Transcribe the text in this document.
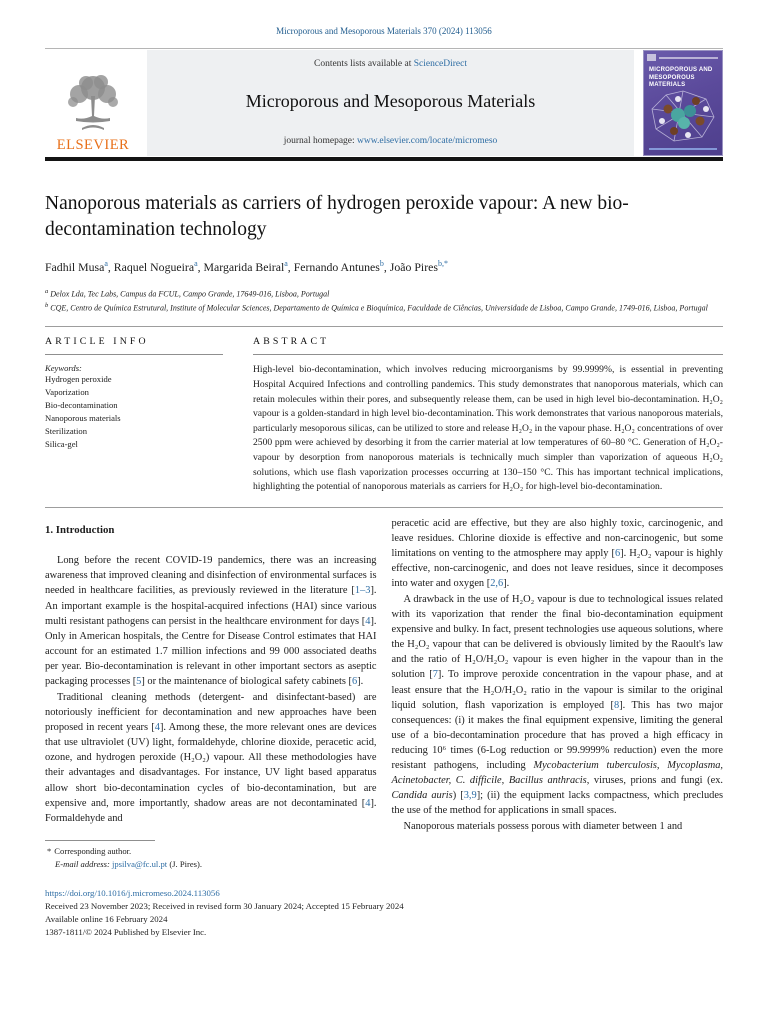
Microporous and Mesoporous Materials 370 (2024) 113056
ELSEVIER
Contents lists available at ScienceDirect
Microporous and Mesoporous Materials
journal homepage: www.elsevier.com/locate/micromeso
MICROPOROUS AND MESOPOROUS MATERIALS
Nanoporous materials as carriers of hydrogen peroxide vapour: A new bio-decontamination technology
Fadhil Musa$^a$ , Raquel Nogueira$^a$ , Margarida Beiral$^a$ , Fernando Antunes$^b$ , João Pires$^{b,*}$
$^a$ Delox Lda, Tec Labs, Campus da FCUL, Campo Grande, 17649-016, Lisboa, Portugal
$^b$ CQE, Centro de Química Estrutural, Institute of Molecular Sciences, Departamento de Química e Bioquímica, Faculdade de Ciências, Universidade de Lisboa, Campo Grande, 1749-016, Lisboa, Portugal
ARTICLE INFO
Keywords:
Hydrogen peroxide
Vaporization
Bio-decontamination
Nanoporous materials
Sterilization
Silica-gel
ABSTRACT
High-level bio-decontamination, which involves reducing microorganisms by 99.9999%, is essential in preventing Hospital Acquired Infections and controlling pandemics. This study demonstrates that nanoporous materials, which can retain molecules within their pores, and subsequently release them, can be used in high level bio-decontamination. H₂O₂ vapour is a golden-standard in high level bio-decontamination. This work demonstrates that various nanoporous materials, particularly mesoporous silicas, can be utilized to store and release H₂O₂ in the vapour phase. H₂O₂ concentrations of over 2500 ppm were achieved by desorbing it from the carrier material at low temperatures of 60–80 °C. Generation of H₂O₂-vapour by desorption from nanoporous materials is technically much simpler than vaporization of aqueous H₂O₂ solutions, which use flash vaporization processes occurring at 130–150 °C. This has important technical implications, highlighting the potential of nanoporous materials as carriers for H₂O₂ for high-level bio-decontamination.
1. Introduction

Long before the recent COVID-19 pandemics, there was an increasing awareness that improved cleaning and disinfection of environmental surfaces is needed in healthcare facilities, as previously reviewed in the literature [1–3]. An important example is the hospital-acquired infections (HAI) since various multi resistant pathogens can persist in the healthcare environment for days [4]. Only in American hospitals, the Centre for Disease Control estimates that HAI account for an estimated 1.7 million infections and 99 000 associated deaths per year. Bio-decontamination is relevant in other important sectors as aseptic packaging processes [5] or the maintenance of biological safety cabinets [6].

Traditional cleaning methods (detergent- and disinfectant-based) are notoriously inefficient for decontamination and new approaches have been proposed in recent years [4]. Among these, the more relevant ones are devices that use ultraviolet (UV) light, formaldehyde, chlorine dioxide, peracetic acid, ozone, and hydrogen peroxide (H₂O₂) vapour. All these methodologies have their advantages and disadvantages. For instance, UV light based apparatus allow short bio-decontamination cycles of bio-decontamination, but are expensive and, more importantly, shadow areas are not decontaminated [4]. Formaldehyde and

* Corresponding author.
E-mail address: jpsilva@fc.ul.pt (J. Pires).

peracetic acid are effective, but they are also highly toxic, carcinogenic, and leave residues. Chlorine dioxide is effective and non-carcinogenic, but some limitations on venting to the atmosphere may apply [6]. H₂O₂ vapour is highly effective, non-carcinogenic, and does not leave residues, since it decomposes into water and oxygen [2,6].

A drawback in the use of H₂O₂ vapour is due to technological issues related with its vaporization that render the final bio-decontamination equipment expensive and bulky. In fact, present technologies use aqueous solutions, where the H₂O₂ vapour that can be delivered is obviously limited by the Raoult's law and the ratio of H₂O/H₂O₂ vapour is even higher in the vapour than in the solution [7]. To improve peroxide concentration in the vapour phase, and at least ensure that the H₂O/H₂O₂ ratio in the vapour is similar to the original liquid solution, flash vaporization is employed [8]. This has two major consequences: (i) it makes the final equipment expensive, limiting the general use of a bio-decontamination procedure that has proved a high efficacy in reducing 10⁶ times (6-Log reduction or 99.9999% reduction) even the more resistant pathogens, including Mycobacterium tuberculosis, Mycoplasma, Acinetobacter, C. difficile, Bacillus anthracis, viruses, prions and fungi (ex. Candida auris) [3,9]; (ii) the equipment lacks compactness, which precludes the use of the method for applications in small spaces.

Nanoporous materials possess porous with diameter between 1 and

https://doi.org/10.1016/j.micromeso.2024.113056
Received 23 November 2023; Received in revised form 30 January 2024; Accepted 15 February 2024
Available online 16 February 2024
1387-1811/© 2024 Published by Elsevier Inc.
